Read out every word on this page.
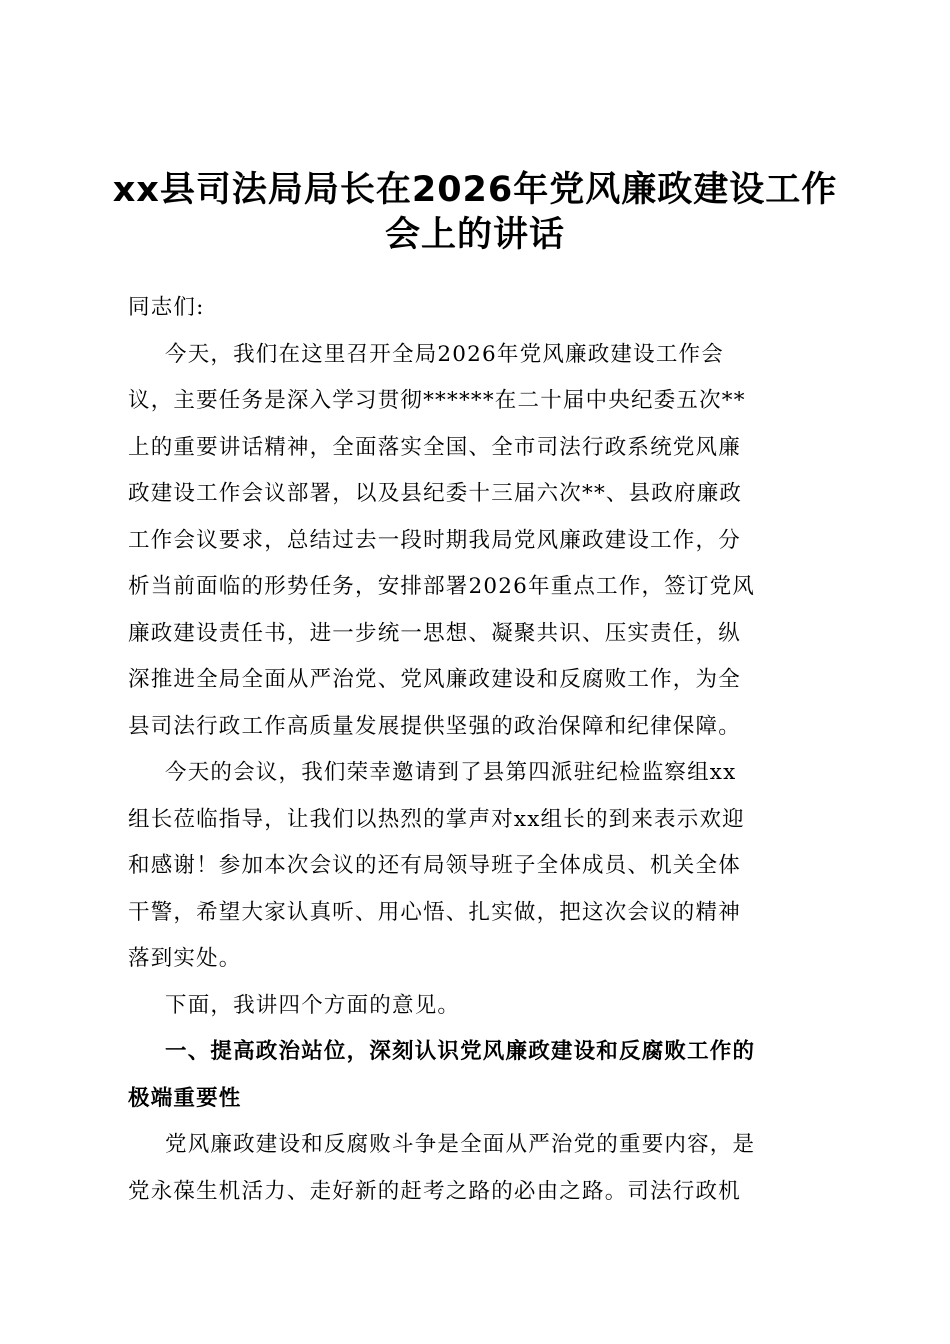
xx县司法局局长在2026年党风廉政建设工作
会上的讲话
同志们:
今天，我们在这里召开全局2026年党风廉政建设工作会
议，主要任务是深入学习贯彻******在二十届中央纪委五次**
上的重要讲话精神，全面落实全国、全市司法行政系统党风廉
政建设工作会议部署，以及县纪委十三届六次**、县政府廉政
工作会议要求，总结过去一段时期我局党风廉政建设工作，分
析当前面临的形势任务，安排部署2026年重点工作，签订党风
廉政建设责任书，进一步统一思想、凝聚共识、压实责任，纵
深推进全局全面从严治党、党风廉政建设和反腐败工作，为全
县司法行政工作高质量发展提供坚强的政治保障和纪律保障。
今天的会议，我们荣幸邀请到了县第四派驻纪检监察组xx
组长莅临指导，让我们以热烈的掌声对xx组长的到来表示欢迎
和感谢！参加本次会议的还有局领导班子全体成员、机关全体
干警，希望大家认真听、用心悟、扎实做，把这次会议的精神
落到实处。
下面，我讲四个方面的意见。
一、提高政治站位，深刻认识党风廉政建设和反腐败工作的
极端重要性
党风廉政建设和反腐败斗争是全面从严治党的重要内容，是
党永葆生机活力、走好新的赶考之路的必由之路。司法行政机
